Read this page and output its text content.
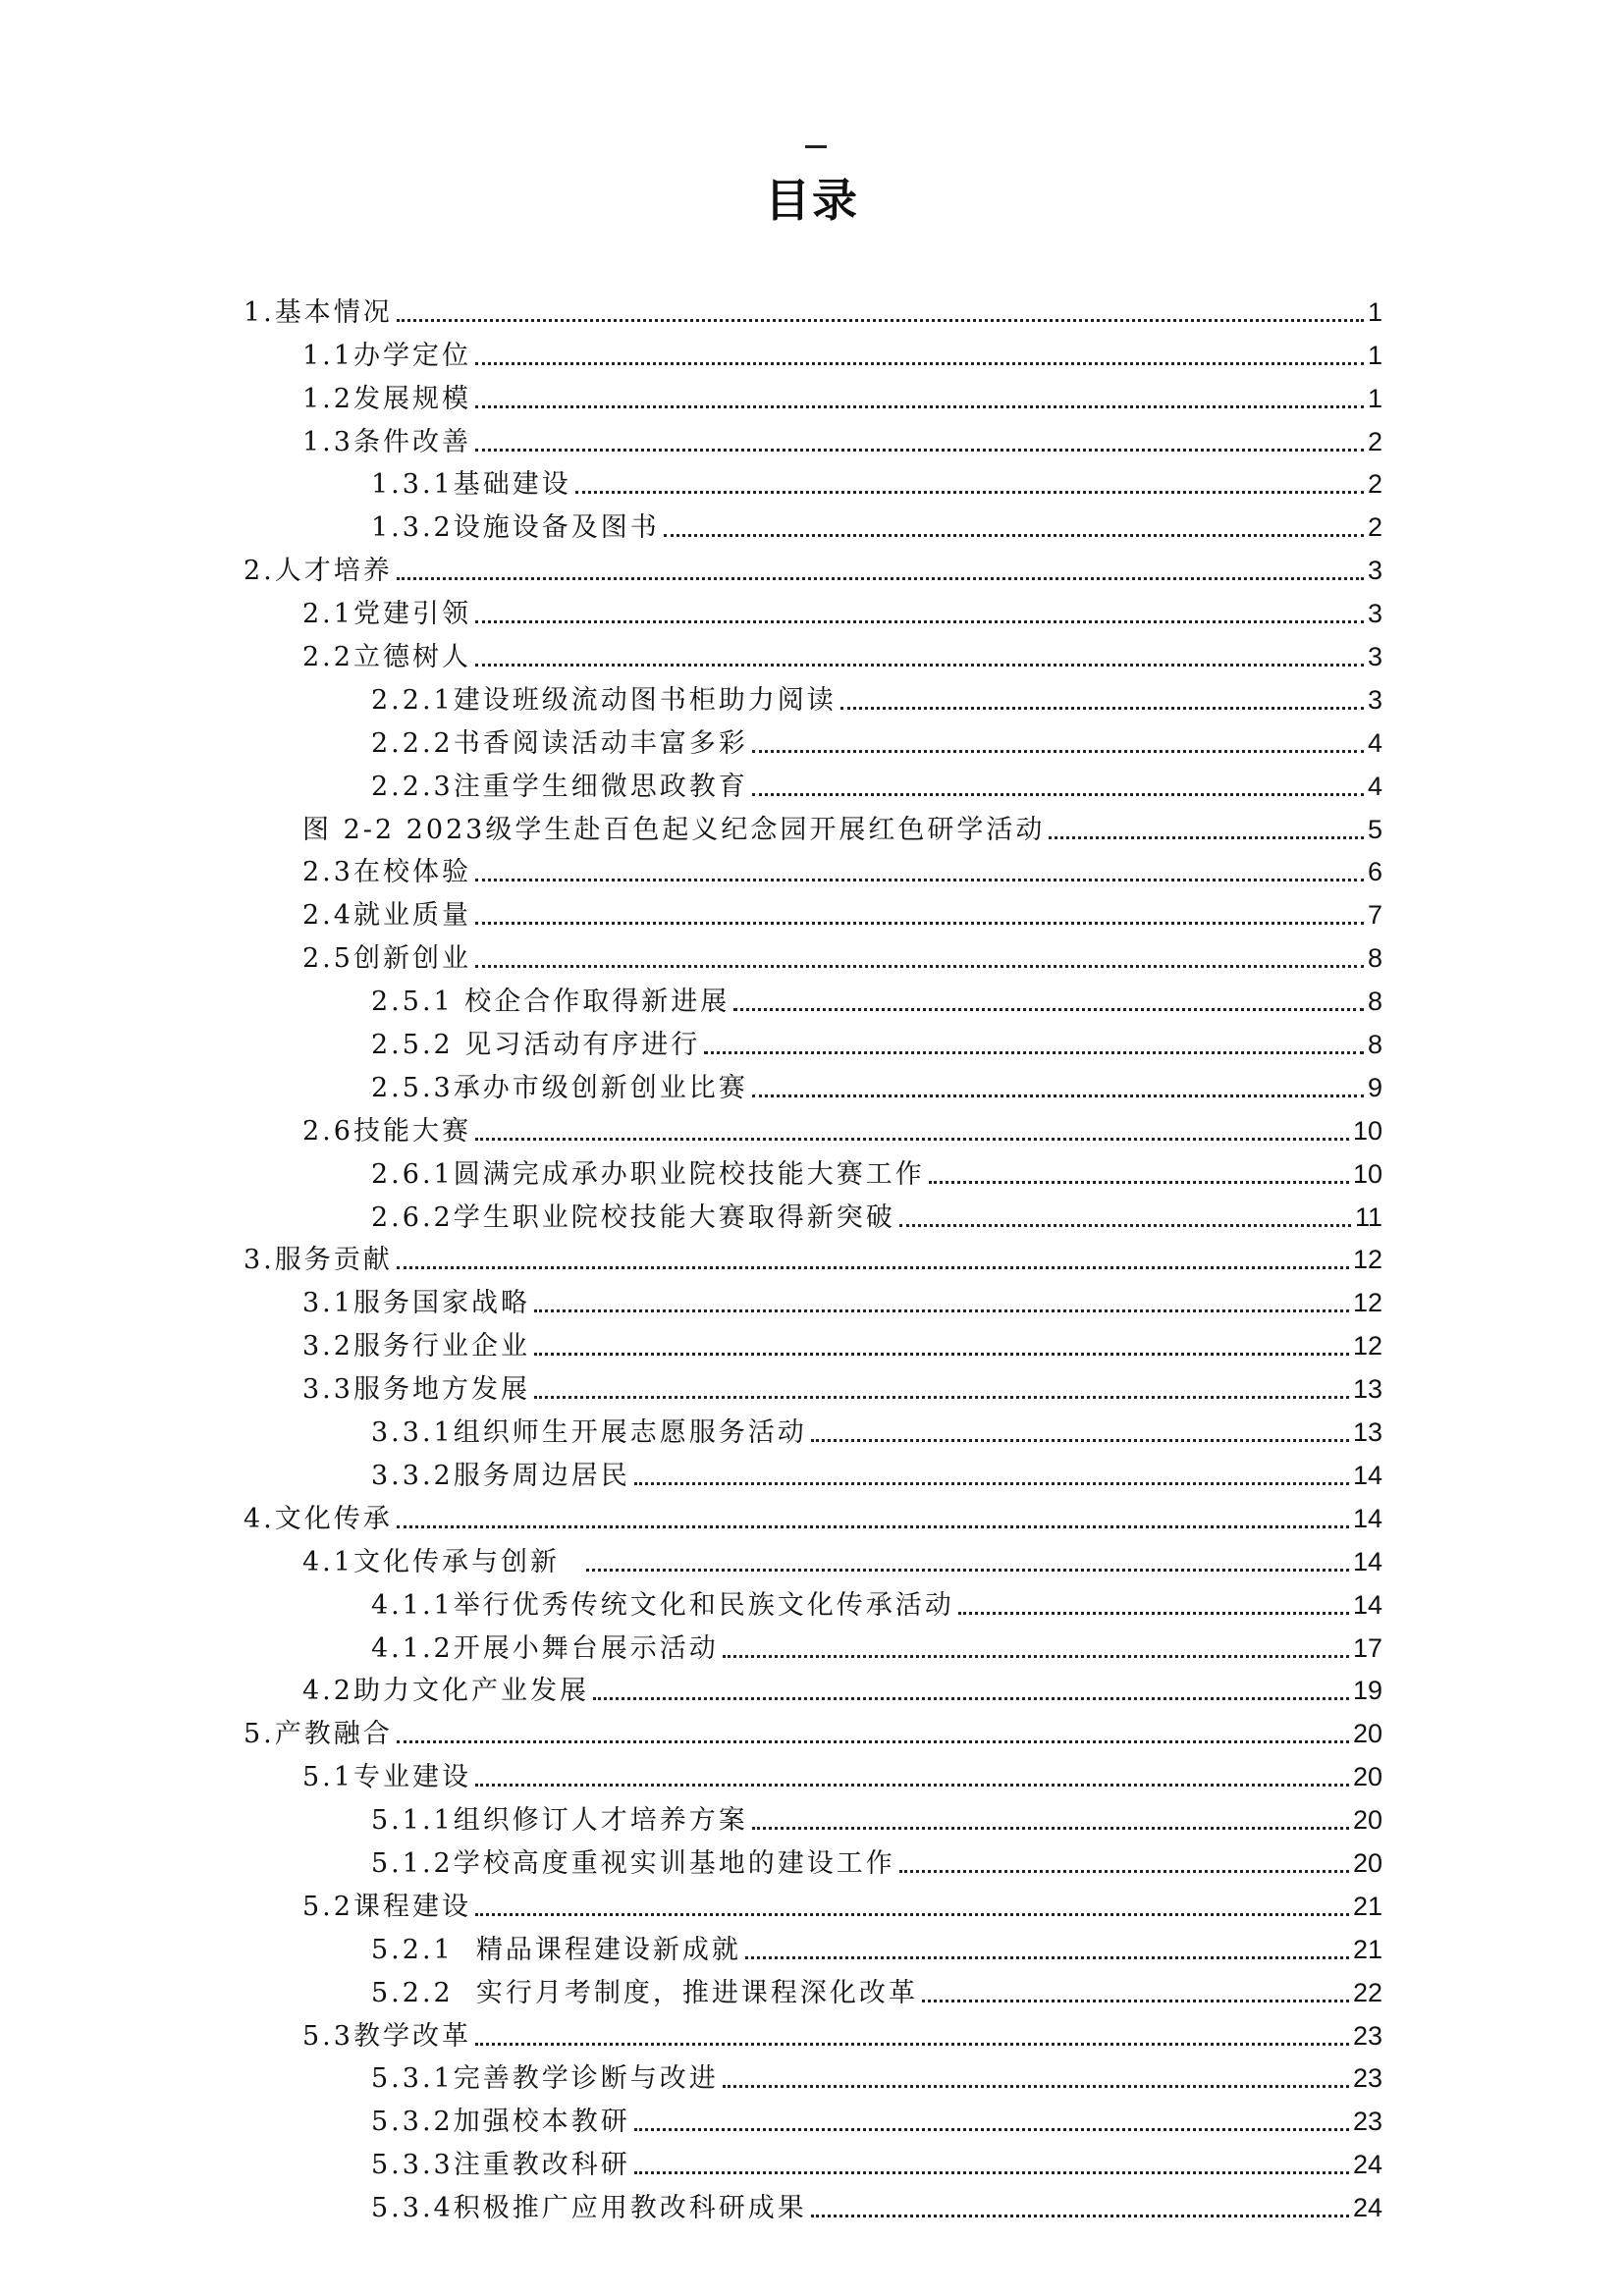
目录
1.基本情况	1
1.1办学定位	1
1.2发展规模	1
1.3条件改善	2
1.3.1基础建设	2
1.3.2设施设备及图书	2
2.人才培养	3
2.1党建引领	3
2.2立德树人	3
2.2.1建设班级流动图书柜助力阅读	3
2.2.2书香阅读活动丰富多彩	4
2.2.3注重学生细微思政教育	4
图 2-2 2023级学生赴百色起义纪念园开展红色研学活动	5
2.3在校体验	6
2.4就业质量	7
2.5创新创业	8
2.5.1 校企合作取得新进展	8
2.5.2 见习活动有序进行	8
2.5.3承办市级创新创业比赛	9
2.6技能大赛	10
2.6.1圆满完成承办职业院校技能大赛工作	10
2.6.2学生职业院校技能大赛取得新突破	11
3.服务贡献	12
3.1服务国家战略	12
3.2服务行业企业	12
3.3服务地方发展	13
3.3.1组织师生开展志愿服务活动	13
3.3.2服务周边居民	14
4.文化传承	14
4.1文化传承与创新	14
4.1.1举行优秀传统文化和民族文化传承活动	14
4.1.2开展小舞台展示活动	17
4.2助力文化产业发展	19
5.产教融合	20
5.1专业建设	20
5.1.1组织修订人才培养方案	20
5.1.2学校高度重视实训基地的建设工作	20
5.2课程建设	21
5.2.1  精品课程建设新成就	21
5.2.2  实行月考制度，推进课程深化改革	22
5.3教学改革	23
5.3.1完善教学诊断与改进	23
5.3.2加强校本教研	23
5.3.3注重教改科研	24
5.3.4积极推广应用教改科研成果	24
